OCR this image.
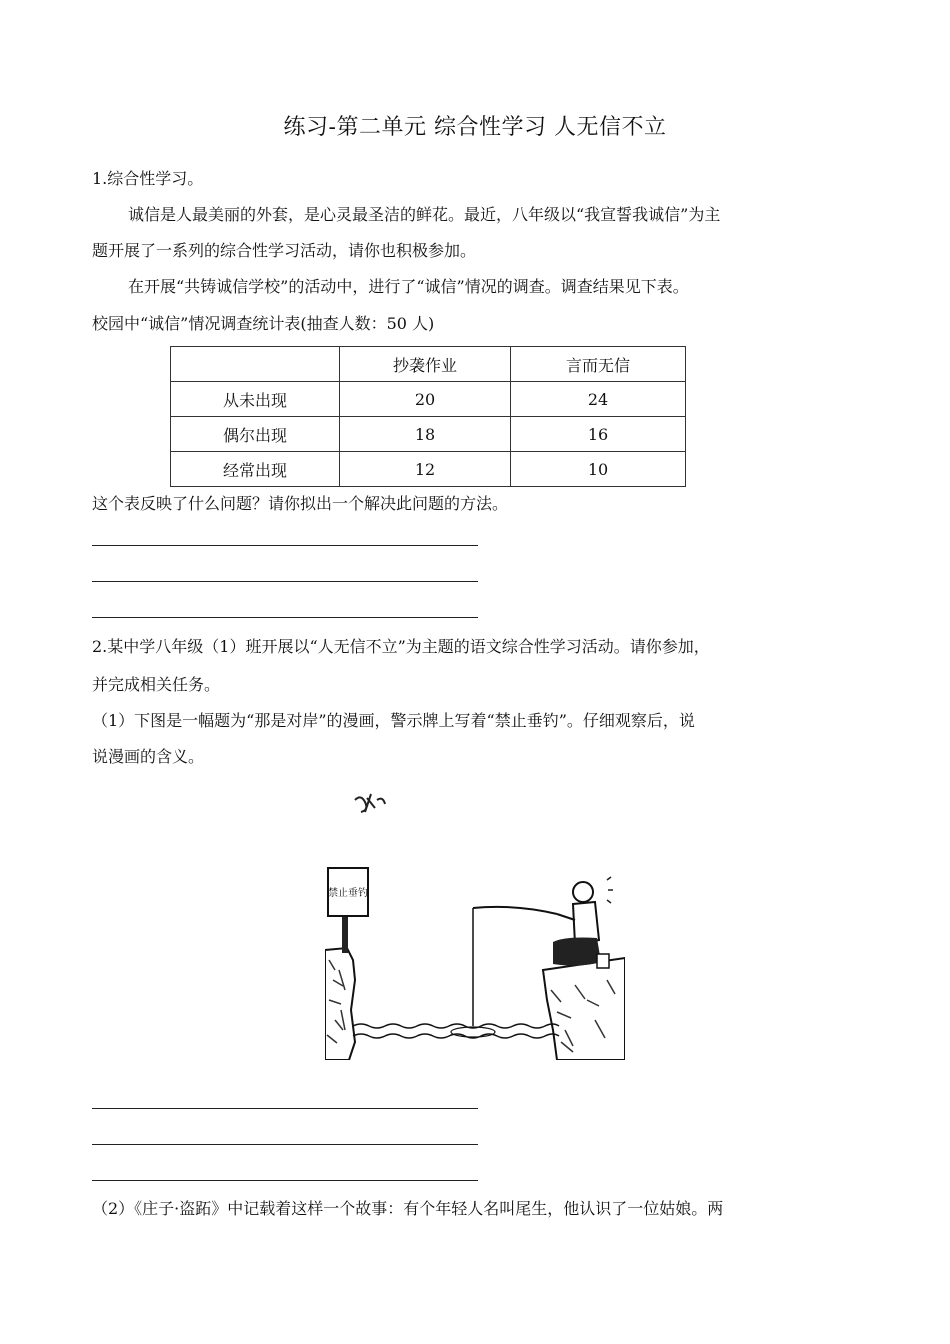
练习-第二单元 综合性学习 人无信不立
1.综合性学习。
诚信是人最美丽的外套，是心灵最圣洁的鲜花。最近，八年级以“我宣誓我诚信”为主
题开展了一系列的综合性学习活动，请你也积极参加。
在开展“共铸诚信学校”的活动中，进行了“诚信”情况的调查。调查结果见下表。
校园中“诚信”情况调查统计表(抽查人数：50 人)
	抄袭作业	言而无信
从未出现	20	24
偶尔出现	18	16
经常出现	12	10
这个表反映了什么问题？请你拟出一个解决此问题的方法。
2.某中学八年级（1）班开展以“人无信不立”为主题的语文综合性学习活动。请你参加，
并完成相关任务。
（1）下图是一幅题为“那是对岸”的漫画，警示牌上写着“禁止垂钓”。仔细观察后，说
说漫画的含义。
禁止垂钓
（2）《庄子·盗跖》中记载着这样一个故事：有个年轻人名叫尾生，他认识了一位姑娘。两
